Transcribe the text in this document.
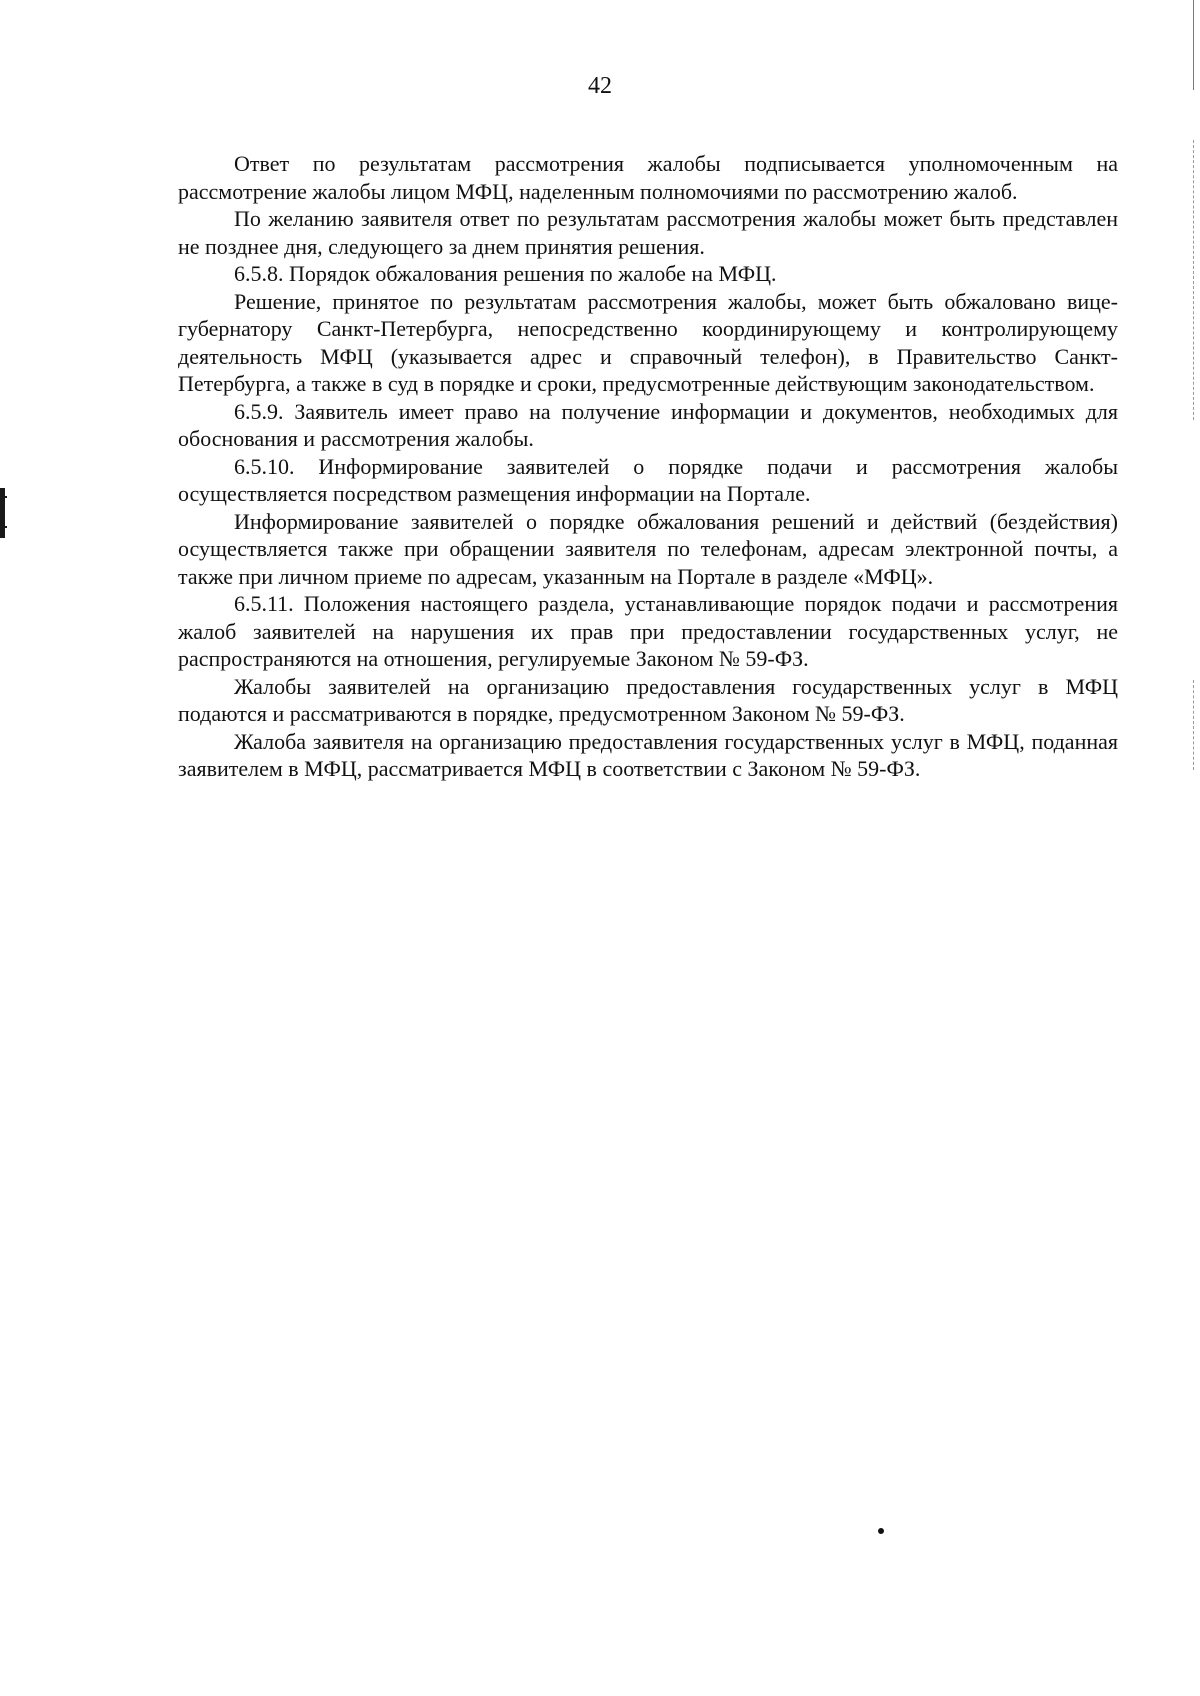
42

Ответ по результатам рассмотрения жалобы подписывается уполномоченным на рассмотрение жалобы лицом МФЦ, наделенным полномочиями по рассмотрению жалоб.

По желанию заявителя ответ по результатам рассмотрения жалобы может быть представлен не позднее дня, следующего за днем принятия решения.

6.5.8. Порядок обжалования решения по жалобе на МФЦ.

Решение, принятое по результатам рассмотрения жалобы, может быть обжаловано вице-губернатору Санкт-Петербурга, непосредственно координирующему и контролирующему деятельность МФЦ (указывается адрес и справочный телефон), в Правительство Санкт-Петербурга, а также в суд в порядке и сроки, предусмотренные действующим законодательством.

6.5.9. Заявитель имеет право на получение информации и документов, необходимых для обоснования и рассмотрения жалобы.

6.5.10. Информирование заявителей о порядке подачи и рассмотрения жалобы осуществляется посредством размещения информации на Портале.

Информирование заявителей о порядке обжалования решений и действий (бездействия) осуществляется также при обращении заявителя по телефонам, адресам электронной почты, а также при личном приеме по адресам, указанным на Портале в разделе «МФЦ».

6.5.11. Положения настоящего раздела, устанавливающие порядок подачи и рассмотрения жалоб заявителей на нарушения их прав при предоставлении государственных услуг, не распространяются на отношения, регулируемые Законом № 59-ФЗ.

Жалобы заявителей на организацию предоставления государственных услуг в МФЦ подаются и рассматриваются в порядке, предусмотренном Законом № 59-ФЗ.

Жалоба заявителя на организацию предоставления государственных услуг в МФЦ, поданная заявителем в МФЦ, рассматривается МФЦ в соответствии с Законом № 59-ФЗ.
